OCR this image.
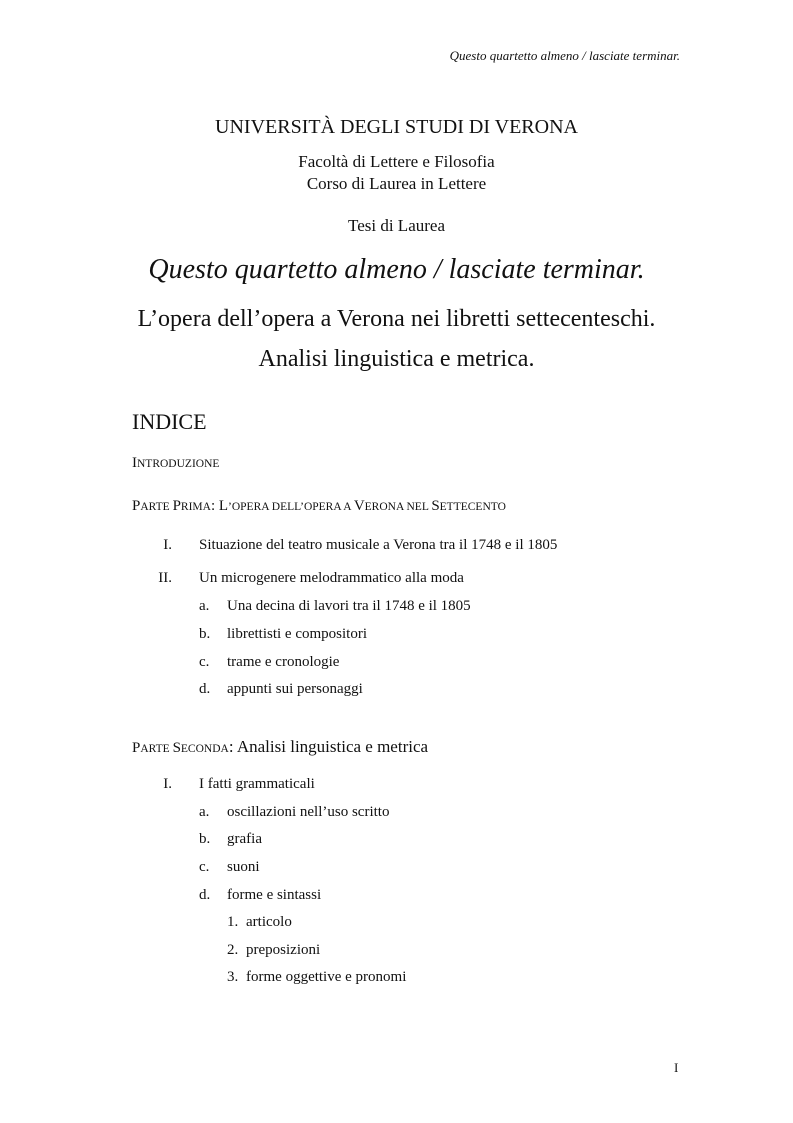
Questo quartetto almeno / lasciate terminar.
UNIVERSITÀ DEGLI STUDI DI VERONA
Facoltà di Lettere e Filosofia
Corso di Laurea in Lettere
Tesi di Laurea
Questo quartetto almeno / lasciate terminar.
L’opera dell’opera a Verona nei libretti settecenteschi.
Analisi linguistica e metrica.
INDICE
INTRODUZIONE
PARTE PRIMA: L’OPERA DELL’OPERA A VERONA NEL SETTECENTO
I. Situazione del teatro musicale a Verona tra il 1748 e il 1805
II. Un microgenere melodrammatico alla moda
a. Una decina di lavori tra il 1748 e il 1805
b. librettisti e compositori
c. trame e cronologie
d. appunti sui personaggi
PARTE SECONDA: Analisi linguistica e metrica
I. I fatti grammaticali
a. oscillazioni nell’uso scritto
b. grafia
c. suoni
d. forme e sintassi
1. articolo
2. preposizioni
3. forme oggettive e pronomi
I
